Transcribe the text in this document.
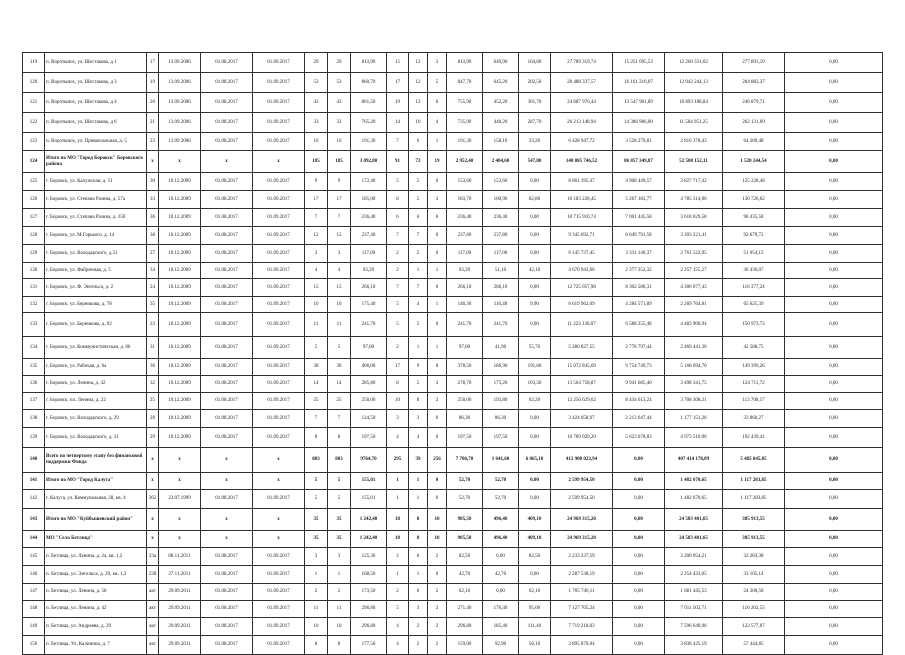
119	п. Воротынск, ул. Шестакова, д 1	17	13.09.2006	01.08.2017	01.09.2017	29	29	813,90	15	12	3	813,90	649,90	164,00	27 789 319,74	15 251 095,53	12 260 331,02	277 893,19	0,00
120	п. Воротынск, ул. Шестакова, д 3	19	13.09.2006	01.08.2017	01.09.2017	53	53	860,70	17	12	5	847,70	645,20	202,50	28 488 337,57	16 161 210,07	12 042 244,13	284 883,37	0,00
121	п. Воротынск, ул. Шестакова, д 4	20	13.09.2006	01.08.2017	01.09.2017	43	43	861,50	19	13	6	755,90	452,20	301,70	24 687 970,44	13 547 901,89	10 893 188,84	246 879,71	0,00
122	п. Воротынск, ул. Шестакова, д 6	21	13.09.2006	01.08.2017	01.09.2017	33	33	765,20	14	10	4	735,90	448,20	287,70	26 213 148,94	14 386 986,00	11 564 951,25	262 131,69	0,00
123	п. Воротынск, ул. Привокзальная, д. 5	23	13.09.2006	01.08.2017	01.09.2017	16	16	191,30	7	6	1	191,30	158,10	33,20	6 428 947,72	3 528 279,81	2 816 378,43	64 289,48	0,00
124	Итого по МО "Город Боровск" Боровского района	x	x	x	x	185	185	3 092,80	91	72	19	2 952,40	2 404,60	547,80	140 885 746,52	86 857 349,87	52 508 152,11	1 520 244,54	0,00
125	г. Боровск, ул. Калужская, д. 51	30	10.12.2009	01.08.2017	01.09.2017	9	9	172,40	5	5	0	153,60	153,60	0,00	8 861 395,47	4 908 449,57	3 827 717,42	125 228,48	0,00
126	г. Боровск, ул. Степана Разина, д. 57а	33	10.12.2009	01.08.2017	01.09.2017	17	17	185,00	8	5	3	183,70	100,90	82,80	10 183 228,45	5 267 183,77	4 785 314,06	130 726,62	0,00
127	г. Боровск, ул. Степана Разина, д. 35б	36	10.12.2009	01.08.2017	01.09.2017	7	7	236,40	6	6	0	236,40	236,40	0,00	10 715 910,74	7 001 445,58	3 618 029,58	96 435,58	0,00
128	г. Боровск, ул. М.Горького, д. 14	38	10.12.2009	01.08.2017	01.09.2017	12	12	237,40	7	7	0	237,80	237,80	0,00	9 345 692,71	6 049 791,58	3 203 221,41	92 679,72	0,00
129	г. Боровск, ул. Володарского, д.31	27	10.12.2009	01.08.2017	01.09.2017	3	3	117,00	2	2	0	117,00	117,00	0,00	6 145 737,45	3 331 140,37	2 761 522,95	51 054,13	0,00
130	г. Боровск, ул. Фабричная, д. 5	34	10.12.2009	01.08.2017	01.09.2017	4	4	93,20	2	1	1	93,20	51,10	42,10	4 670 943,66	2 377 352,32	2 257 155,27	36 436,07	0,00
131	г. Боровск, ул. Ф. Энгельса, д. 2	24	10.12.2009	01.08.2017	01.09.2017	15	15	266,10	7	7	0	266,10	266,10	0,00	12 725 057,98	8 302 580,31	4 306 077,43	116 377,24	0,00
132	г. Боровск, ул. Берникова, д. 78	35	10.12.2009	01.08.2017	01.09.2017	10	10	175,40	5	4	1	146,30	116,40	9,90	6 619 962,09	4 284 571,89	2 269 764,81	65 625,39	0,00
133	г. Боровск, ул. Берникова, д. 92	23	10.12.2009	01.08.2017	01.09.2017	11	11	241,70	5	5	0	241,70	241,70	0,00	11 223 130,07	6 588 255,48	4 483 900,94	150 973,73	0,00
134	г. Боровск, ул. Коммунистическая, д. 86	31	10.12.2009	01.08.2017	01.09.2017	5	5	97,60	2	1	1	97,60	41,90	55,70	5 280 827,55	2 778 797,44	2 469 441,36	42 588,75	0,00
135	г. Боровск, ул. Рабочая, д. 6а	36	10.12.2009	01.08.2017	01.09.2017	38	38	406,00	17	9	8	378,50	186,90	191,60	15 072 845,69	9 754 749,73	5 168 694,70	149 399,26	0,00
136	г. Боровск, ул. Ленина, д. 42	32	10.12.2009	01.08.2017	01.09.2017	14	14	285,80	8	5	3	278,70	175,20	103,50	13 564 758,87	9 941 685,40	3 498 341,75	124 711,72	0,00
137	г. Боровск, пл. Ленина, д. 22	25	10.12.2009	01.08.2017	01.09.2017	25	25	256,00	10	8	2	256,00	193,80	62,20	12 256 629,62	8 434 613,24	3 708 308,21	113 708,17	0,00
138	г. Боровск, ул. Володарского, д. 29	28	10.12.2009	01.08.2017	01.09.2017	7	7	124,50	3	3	0	86,30	86,30	0,00	3 424 658,97	2 213 647,44	1 177 151,26	33 860,27	0,00
139	г. Боровск, ул. Володарского, д. 31	29	10.12.2009	01.08.2017	01.09.2017	8	8	197,50	4	4	0	197,50	197,50	0,00	10 789 029,20	5 623 078,83	4 973 510,96	192 439,41	0,00
140	Всего по четвертому этапу без финансовой поддержки Фонда	x	x	x	x	803	803	9764,70	295	39	256	7 706,70	1 641,60	6 065,10	412 900 023,94	0,00	407 414 178,89	5 485 845,05	0,00
141	Итого по МО "Город Калуга"	x	x	x	x	5	5	155,01	1	1	0	52,70	52,70	0,00	2 599 954,50	0,00	1 482 670,65	1 117 283,85	0,00
142	г. Калуга, ул. Коммунальная, 28, кв. 4	362	23.07.1999	01.08.2017	01.09.2017	5	5	155,01	1	1	0	52,70	52,70	0,00	2 599 954,50	0,00	1 482 670,65	1 117 283,85	0,00
143	Итого по МО "Куйбышевский район"	x	x	x	x	35	35	1 242,40	18	8	10	905,50	496,40	409,10	24 969 315,20	0,00	24 583 401,65	385 913,55	0,00
144	МО "Село Бетлица"	x	x	x	x	35	35	1 242,40	18	8	10	905,50	496,40	409,10	24 969 315,20	0,00	24 583 401,65	385 913,55	0,00
145	п. Бетлица, ул. Ленина, д. 2а, кв. 1,2	23а	08.11.2011	01.08.2017	01.09.2017	3	3	125,30	2	0	2	82,50	0,00	82,50	2 233 237,59	0,00	2 200 954,21	32 283,38	0,00
146	п. Бетлица, ул. Энгельса, д. 29, кв. 1,2	23б	27.11.2011	01.08.2017	01.09.2017	1	1	168,50	1	1	0	42,70	42,70	0,00	2 287 538,19	0,00	2 254 433,05	33 105,14	0,00
147	п. Бетлица, ул. Ленина, д. 58	акт	29.09.2011	01.08.2017	01.09.2017	2	2	173,50	2	0	2	62,10	0,00	62,10	1 705 746,11	0,00	1 681 445,53	24 300,58	0,00
148	п. Бетлица, ул. Ленина, д. 42	акт	29.09.2011	01.08.2017	01.09.2017	11	11	296,80	5	3	2	271,40	176,40	95,00	7 127 705,24	0,00	7 011 502,71	116 202,53	0,00
149	п. Бетлица, ул. Андреева, д. 29	акт	29.09.2011	01.08.2017	01.09.2017	10	10	296,80	4	2	2	296,80	185,40	111,40	7 719 218,03	0,00	7 596 640,96	122 577,07	0,00
150	п. Бетлица, Ул. Калинина, д. 7	акт	29.09.2011	01.08.2017	01.09.2017	8	8	177,50	4	2	2	159,00	92,90	56,10	3 895 870,04	0,00	3 838 425,19	57 444,85	0,00
